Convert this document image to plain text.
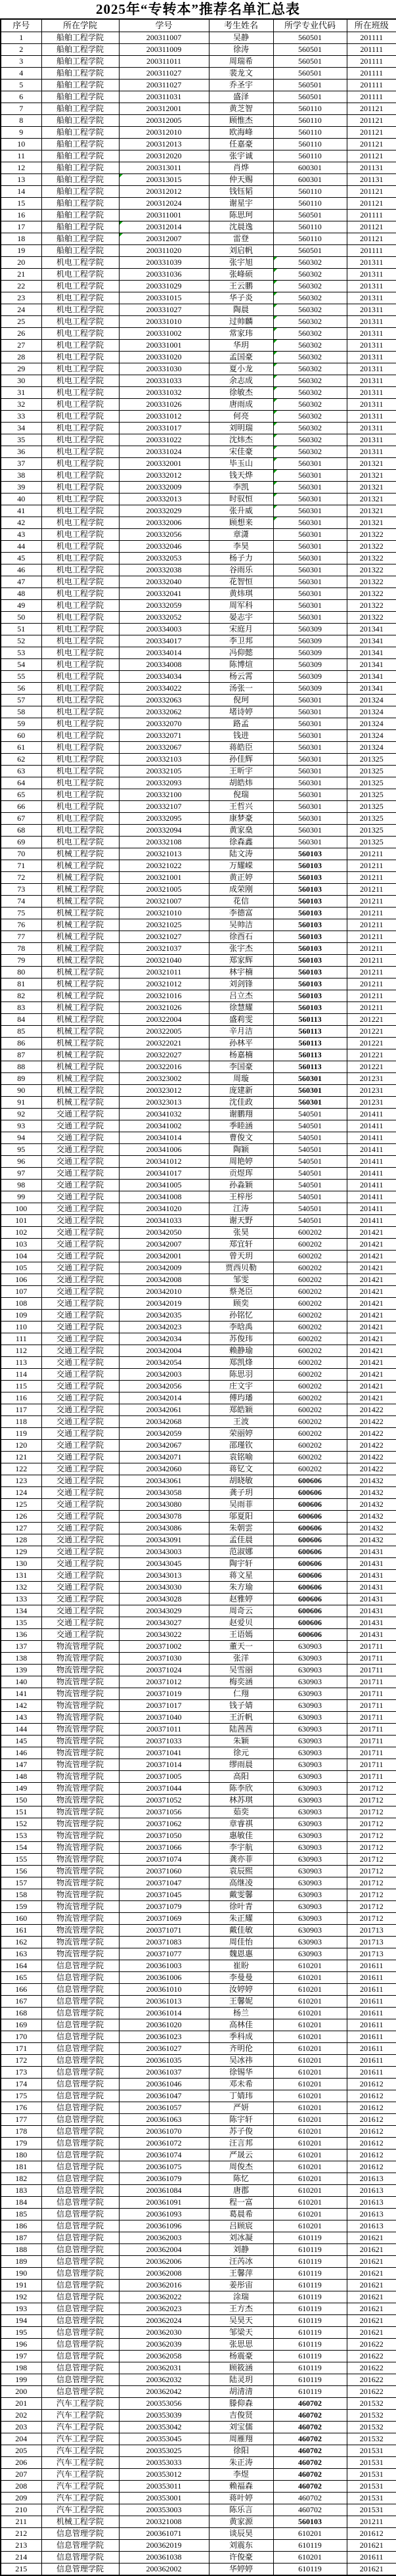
2025年“专转本”推荐名单汇总表
序号	所在学院	学号	考生姓名	所学专业代码	所在班级
1	船舶工程学院	200311007	吴静	560501	201111
2	船舶工程学院	200311009	徐涛	560501	201111
3	船舶工程学院	200311011	周瑞希	560501	201111
4	船舶工程学院	200311027	裴龙文	560501	201111
5	船舶工程学院	200311027	乔圣宇	560501	201111
6	船舶工程学院	200311031	盛泽	560501	201111
7	船舶工程学院	200312001	黄芝智	560110	201121
8	船舶工程学院	200312005	顾惟杰	560110	201121
9	船舶工程学院	200312010	欧海峰	560110	201121
10	船舶工程学院	200312013	任嘉豪	560110	201121
11	船舶工程学院	200312020	张宇诚	560110	201121
12	船舶工程学院	200313011	肖烨	600301	201131
13	船舶工程学院	200313015	仲天赐	600301	201131
14	船舶工程学院	200312012	钱钰韬	560110	201121
15	船舶工程学院	200312024	谢星宇	560110	201121
16	船舶工程学院	200311001	陈思珂	560501	201111
17	船舶工程学院	200312014	沈晨逸	560110	201121
18	船舶工程学院	200312007	雷登	560110	201121
19	船舶工程学院	200311020	刘启帆	560501	201111
20	机电工程学院	200331039	张宇旭	560302	201311
21	机电工程学院	200331036	张峰硕	560302	201311
22	机电工程学院	200331029	王云鹏	560302	201311
23	机电工程学院	200331015	华子炎	560302	201311
24	机电工程学院	200331027	陶晨	560302	201311
25	机电工程学院	200331010	过帅麟	560302	201311
26	机电工程学院	200331002	常家玮	560302	201311
27	机电工程学院	200331001	华玥	560302	201311
28	机电工程学院	200331020	孟国豪	560302	201311
29	机电工程学院	200331030	夏小龙	560302	201311
30	机电工程学院	200331033	余志成	560302	201311
31	机电工程学院	200331032	徐敏杰	560302	201311
32	机电工程学院	200331026	唐雨成	560302	201311
33	机电工程学院	200331012	何亮	560302	201311
34	机电工程学院	200331017	刘明瑞	560302	201311
35	机电工程学院	200331022	沈炜杰	560302	201311
36	机电工程学院	200331024	宋佳豪	560302	201311
37	机电工程学院	200332001	毕玉山	560301	201321
38	机电工程学院	200332012	钱天烨	560301	201321
39	机电工程学院	200332009	李凯	560301	201321
40	机电工程学院	200332013	时驭恒	560301	201321
41	机电工程学院	200332029	张升威	560301	201321
42	机电工程学院	200332006	顾想来	560301	201321
43	机电工程学院	200332056	章潇	560301	201322
44	机电工程学院	200332046	李昊	560301	201322
45	机电工程学院	200332053	杨子力	560301	201322
46	机电工程学院	200332038	谷雨乐	560301	201322
47	机电工程学院	200332040	花智恒	560301	201322
48	机电工程学院	200332041	黄炜琪	560301	201322
49	机电工程学院	200332059	周军科	560301	201322
50	机电工程学院	200332052	晏志宇	560301	201322
51	机电工程学院	200334003	宋庭月	560309	201341
52	机电工程学院	200334017	李卫邦	560309	201341
53	机电工程学院	200334014	冯仰懿	560309	201341
54	机电工程学院	200334008	陈博煊	560309	201341
55	机电工程学院	200334034	杨云霄	560309	201341
56	机电工程学院	200334022	汤张一	560309	201341
57	机电工程学院	200332063	倪珂	560301	201324
58	机电工程学院	200332062	堵诗婷	560301	201324
59	机电工程学院	200332070	路孟	560301	201324
60	机电工程学院	200332071	钱进	560301	201324
61	机电工程学院	200332067	蒋皓臣	560301	201324
62	机电工程学院	200332103	孙佳辉	560301	201325
63	机电工程学院	200332105	王昕宇	560301	201325
64	机电工程学院	200332093	胡皓炜	560301	201325
65	机电工程学院	200332100	倪瑞	560301	201325
66	机电工程学院	200332107	王哲兴	560301	201325
67	机电工程学院	200332095	康梦豪	560301	201325
68	机电工程学院	200332094	黄家燊	560301	201325
69	机电工程学院	200332108	徐森鑫	560301	201325
70	机械工程学院	200321013	陆文涛	560103	201211
71	机械工程学院	200321022	万耀嵘	560103	201211
72	机械工程学院	200321001	黄正婷	560103	201211
73	机械工程学院	200321005	成荣刚	560103	201211
74	机械工程学院	200321007	花信	560103	201211
75	机械工程学院	200321010	李德富	560103	201211
76	机械工程学院	200321025	吴帅洁	560103	201211
77	机械工程学院	200321027	徐酉石	560103	201211
78	机械工程学院	200321037	张宇杰	560103	201211
79	机械工程学院	200321040	郑家辉	560103	201211
80	机械工程学院	200321011	林宇楠	560103	201211
81	机械工程学院	200321012	刘剑锋	560103	201211
82	机械工程学院	200321016	吕立杰	560103	201211
83	机械工程学院	200321026	徐慧耀	560103	201211
84	机械工程学院	200322004	盛莉雯	560113	201221
85	机械工程学院	200322005	辛月洁	560113	201221
86	机械工程学院	200322021	孙林平	560113	201221
87	机械工程学院	200322027	杨嘉楠	560113	201221
88	机械工程学院	200322016	李国豪	560113	201221
89	机械工程学院	200323002	周璇	560301	201231
90	机械工程学院	200323012	庞建新	560301	201231
91	机械工程学院	200323013	沈佳政	560301	201231
92	交通工程学院	200341032	谢鹏翔	540501	201411
93	交通工程学院	200341002	季睦涵	540501	201411
94	交通工程学院	200341014	曹俊文	540501	201411
95	交通工程学院	200341006	陶颖	540501	201411
96	交通工程学院	200341012	周艳婷	540501	201411
97	交通工程学院	200341017	贡煜珲	540501	201411
98	交通工程学院	200341005	孙淼颖	540501	201411
99	交通工程学院	200341008	王梓彤	540501	201411
100	交通工程学院	200341020	江涛	540501	201411
101	交通工程学院	200341033	谢天野	540501	201411
102	交通工程学院	200342050	张昊	600202	201421
103	交通工程学院	200342007	郑宜轩	600202	201421
104	交通工程学院	200342001	曾天玥	600202	201421
105	交通工程学院	200342009	贾西贝勒	600202	201421
106	交通工程学院	200342008	邹雯	600202	201421
107	交通工程学院	200342010	蔡尧臣	600202	201421
108	交通工程学院	200342019	顾奕	600202	201421
109	交通工程学院	200342035	孙铭忆	600202	201421
110	交通工程学院	200342023	李晗禹	600202	201421
111	交通工程学院	200342034	苏俊玮	600202	201421
112	交通工程学院	200342004	赖静瑜	600202	201421
113	交通工程学院	200342054	郑凯烽	600202	201421
114	交通工程学院	200342003	陈思羽	600202	201421
115	交通工程学院	200342056	庄文宇	600202	201421
116	交通工程学院	200342014	傅玙璠	600202	201421
117	交通工程学院	200342061	郑皓颖	600202	201422
118	交通工程学院	200342068	王波	600202	201422
119	交通工程学院	200342059	荣丽婷	600202	201422
120	交通工程学院	200342067	邵瑾钦	600202	201422
121	交通工程学院	200342071	袁铭喻	600202	201422
122	交通工程学院	200342060	蒋钇文	600202	201422
123	交通工程学院	200343061	胡晓敏	600606	201432
124	交通工程学院	200343058	龚子玥	600606	201432
125	交通工程学院	200343080	吴雨菲	600606	201432
126	交通工程学院	200343078	邬夏阳	600606	201432
127	交通工程学院	200343086	朱朝雲	600606	201432
128	交通工程学院	200343091	孟佳晨	600606	201432
129	交通工程学院	200343003	范淑娜	600606	201431
130	交通工程学院	200343045	陶宇轩	600606	201431
131	交通工程学院	200343013	蒋文星	600606	201431
132	交通工程学院	200343030	朱方瑜	600606	201431
133	交通工程学院	200343028	赵雅婷	600606	201431
134	交通工程学院	200343029	周奇云	600606	201431
135	交通工程学院	200343027	赵爱贝	600606	201431
136	交通工程学院	200343022	王语嫣	600606	201431
137	物流管理学院	200371002	董天一	630903	201711
138	物流管理学院	200371030	张洋	630903	201711
139	物流管理学院	200371024	吴雪丽	630903	201711
140	物流管理学院	200371012	梅奕涵	630903	201711
141	物流管理学院	200371019	仁翔	630903	201711
142	物流管理学院	200371017	钱子婧	630903	201711
143	物流管理学院	200371040	王沂帆	630903	201711
144	物流管理学院	200371011	陆茜茜	630903	201711
145	物流管理学院	200371033	朱颖	630903	201711
146	物流管理学院	200371041	徐元	630903	201711
147	物流管理学院	200371014	缪雨晨	630903	201711
148	物流管理学院	200371005	高阳	630903	201711
149	物流管理学院	200371044	陈李欣	630903	201712
150	物流管理学院	200371052	林苏琪	630903	201712
151	物流管理学院	200371056	茹奕	630903	201712
152	物流管理学院	200371062	章睿祺	630903	201712
153	物流管理学院	200371050	惠敏佳	630903	201712
154	物流管理学院	200371066	李宇航	630903	201712
155	物流管理学院	200371074	龚亦菲	630903	201712
156	物流管理学院	200371060	袁辰熙	630903	201712
157	物流管理学院	200371047	高继凌	630903	201712
158	物流管理学院	200371045	戴雯馨	630903	201712
159	物流管理学院	200371079	徐叶青	630903	201712
160	物流管理学院	200371069	朱正耀	630903	201712
161	物流管理学院	200371071	戴佳敏	630903	201713
162	物流管理学院	200371083	周佳怡	630903	201713
163	物流管理学院	200371077	魏恩惠	630903	201713
164	信息管理学院	200361003	崔盼	610201	201611
165	信息管理学院	200361006	李曼曼	610201	201611
166	信息管理学院	200361010	汝婷婷	610201	201611
167	信息管理学院	200361013	王馨妮	610201	201611
168	信息管理学院	200361014	杨兰	610201	201611
169	信息管理学院	200361020	高林佳	610201	201611
170	信息管理学院	200361023	季科成	610201	201611
171	信息管理学院	200361027	齐明伦	610201	201611
172	信息管理学院	200361035	吴冰祎	610201	201611
173	信息管理学院	200361037	徐锡华	610201	201611
174	信息管理学院	200361046	邓未希	610201	201612
175	信息管理学院	200361047	丁婧玮	610201	201612
176	信息管理学院	200361057	严妍	610201	201612
177	信息管理学院	200361063	陈宇轩	610201	201612
178	信息管理学院	200361070	苏子俊	610201	201612
179	信息管理学院	200361072	汪言邦	610201	201612
180	信息管理学院	200361074	严晟云	610201	201612
181	信息管理学院	200361075	周俊杰	610201	201612
182	信息管理学院	200361079	陈忆	610201	201613
183	信息管理学院	200361084	唐郡	610201	201613
184	信息管理学院	200361091	程一富	610201	201613
185	信息管理学院	200361093	葛晨希	610201	201613
186	信息管理学院	200361096	吕顾宸	610201	201613
187	信息管理学院	200362003	刘冰凝	610119	201621
188	信息管理学院	200362004	刘静	610119	201621
189	信息管理学院	200362006	汪芮冰	610119	201621
190	信息管理学院	200362008	王馨萍	610119	201621
191	信息管理学院	200362016	姜彤宙	610119	201621
192	信息管理学院	200362022	涂瑞	610119	201621
193	信息管理学院	200362023	王方杰	610119	201621
194	信息管理学院	200362024	吴昊天	610119	201621
195	信息管理学院	200362030	邹梁天	610119	201621
196	信息管理学院	200362039	张思思	610119	201622
197	信息管理学院	200362058	杨震豪	610119	201622
198	信息管理学院	200362031	顾筱涵	610119	201622
199	信息管理学院	200362032	陆灵玥	610119	201622
200	信息管理学院	200362042	胡清清	610119	201622
201	汽车工程学院	200353056	滕仰森	460702	201532
202	汽车工程学院	200353039	吉俊贤	460702	201532
203	汽车工程学院	200353042	刘宝儒	460702	201532
204	汽车工程学院	200353045	周雁翔	460702	201532
205	汽车工程学院	200353025	徐阳	460702	201531
206	汽车工程学院	200353033	朱正涛	460702	201531
207	汽车工程学院	200353012	李煜	460702	201531
208	汽车工程学院	200353011	赖福森	460702	201531
209	汽车工程学院	200353001	蒋叶婷	460702	201531
210	汽车工程学院	200353003	陈乐言	460702	201531
211	机械工程学院	200321008	黄家源	560103	201211
212	信息管理学院	200361071	谈辰昊	610201	201612
213	信息管理学院	200362019	刘震东	610119	201621
214	信息管理学院	200361038	许俊豪	610201	201611
215	信息管理学院	200362002	华婷婷	610119	201621
